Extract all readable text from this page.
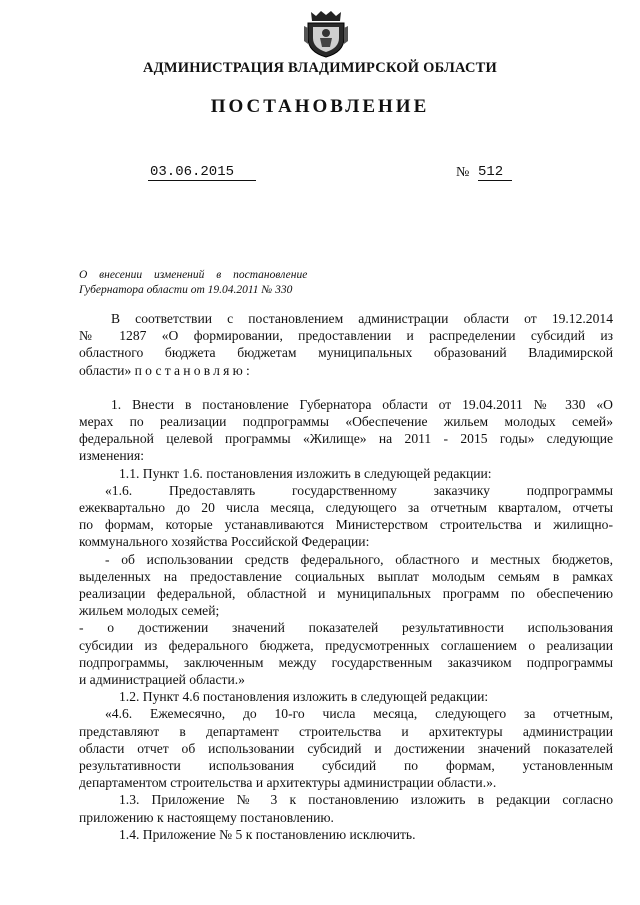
АДМИНИСТРАЦИЯ ВЛАДИМИРСКОЙ ОБЛАСТИ
ПОСТАНОВЛЕНИЕ
03.06.2015	№ 512
О внесении изменений в постановление
Губернатора области от 19.04.2011 № 330
В соответствии с постановлением администрации области от 19.12.2014
№ 1287 «О формировании, предоставлении и распределении субсидий из
областного бюджета бюджетам муниципальных образований Владимирской
области» постановляю:
1. Внести в постановление Губернатора области от 19.04.2011 № 330 «О
мерах по реализации подпрограммы «Обеспечение жильем молодых семей»
федеральной целевой программы «Жилище» на 2011 - 2015 годы» следующие
изменения:
1.1. Пункт 1.6. постановления изложить в следующей редакции:
«1.6. Предоставлять государственному заказчику подпрограммы
ежеквартально до 20 числа месяца, следующего за отчетным кварталом, отчеты
по формам, которые устанавливаются Министерством строительства и жилищно-
коммунального хозяйства Российской Федерации:
- об использовании средств федерального, областного и местных бюджетов,
выделенных на предоставление социальных выплат молодым семьям в рамках
реализации федеральной, областной и муниципальных программ по обеспечению
жильем молодых семей;
- о достижении значений показателей результативности использования
субсидии из федерального бюджета, предусмотренных соглашением о реализации
подпрограммы, заключенным между государственным заказчиком подпрограммы
и администрацией области.»
1.2. Пункт 4.6 постановления изложить в следующей редакции:
«4.6. Ежемесячно, до 10-го числа месяца, следующего за отчетным,
представляют в департамент строительства и архитектуры администрации
области отчет об использовании субсидий и достижении значений показателей
результативности использования субсидий по формам, установленным
департаментом строительства и архитектуры администрации области.».
1.3. Приложение № 3 к постановлению изложить в редакции согласно
приложению к настоящему постановлению.
1.4. Приложение № 5 к постановлению исключить.
